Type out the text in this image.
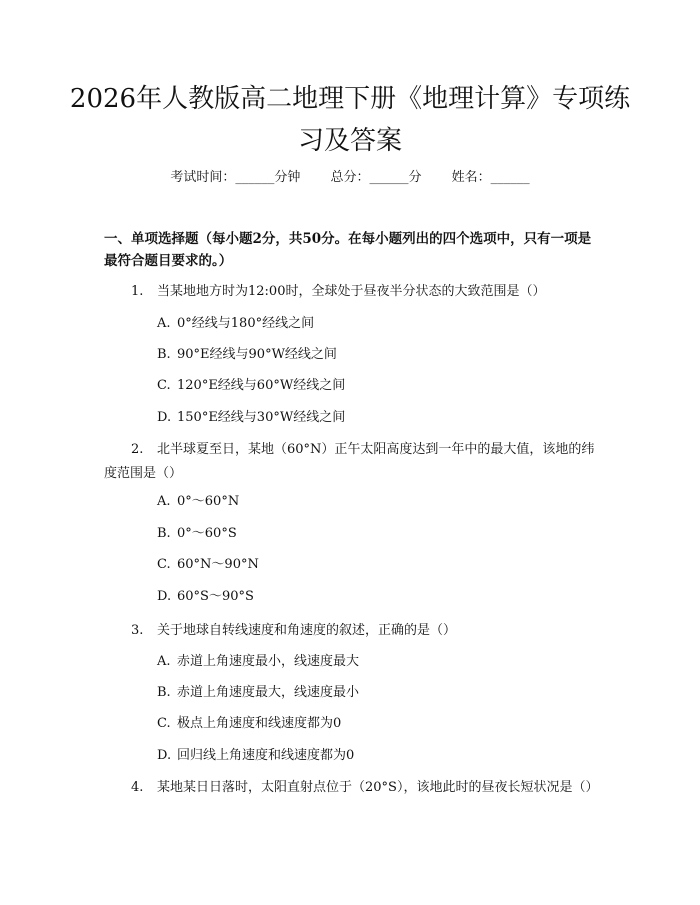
2026年人教版高二地理下册《地理计算》专项练习及答案
考试时间：______分钟 总分：______分 姓名：______

一、单项选择题（每小题2分，共50分。在每小题列出的四个选项中，只有一项是最符合题目要求的。）

1. 当某地地方时为12:00时，全球处于昼夜半分状态的大致范围是（）

A. 0°经线与180°经线之间

B. 90°E经线与90°W经线之间

C. 120°E经线与60°W经线之间

D. 150°E经线与30°W经线之间

2. 北半球夏至日，某地（60°N）正午太阳高度达到一年中的最大值，该地的纬度范围是（）

A. 0°～60°N

B. 0°～60°S

C. 60°N～90°N

D. 60°S～90°S

3. 关于地球自转线速度和角速度的叙述，正确的是（）

A. 赤道上角速度最小，线速度最大

B. 赤道上角速度最大，线速度最小

C. 极点上角速度和线速度都为0

D. 回归线上角速度和线速度都为0

4. 某地某日日落时，太阳直射点位于（20°S），该地此时的昼夜长短状况是（）
